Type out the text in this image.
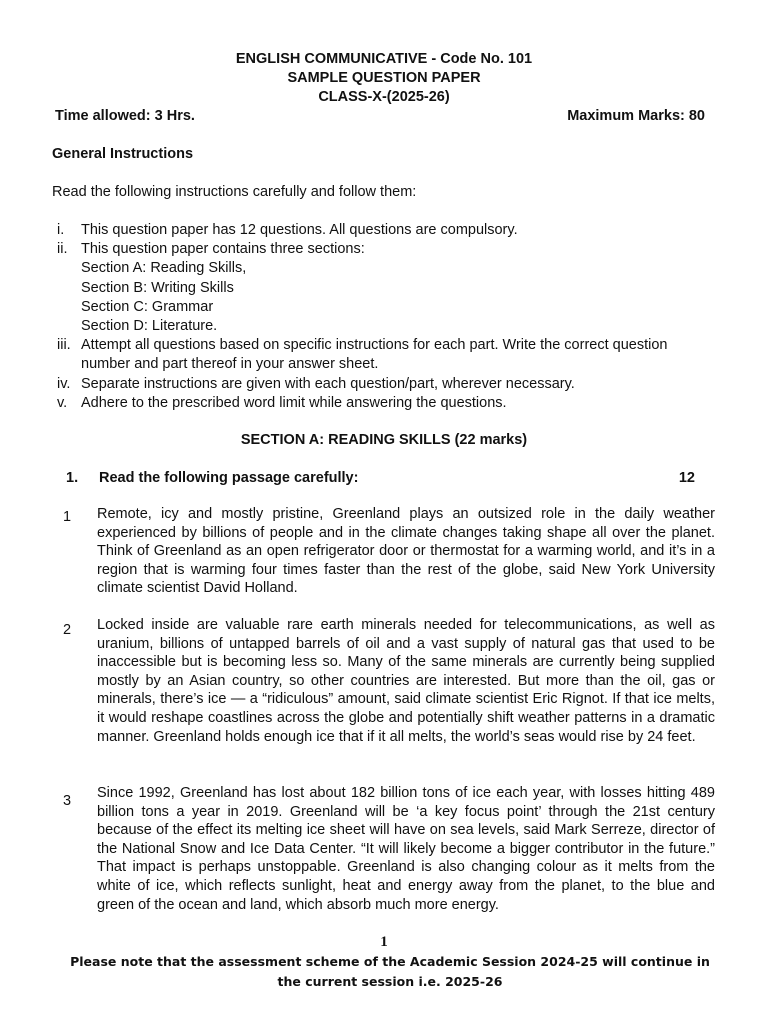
ENGLISH COMMUNICATIVE - Code No. 101
SAMPLE QUESTION PAPER
CLASS-X-(2025-26)
Time allowed: 3 Hrs.	Maximum Marks: 80
General Instructions
Read the following instructions carefully and follow them:
i.	This question paper has 12 questions. All questions are compulsory.
ii. This question paper contains three sections:
Section A: Reading Skills,
Section B: Writing Skills
Section C: Grammar
Section D: Literature.
iii. Attempt all questions based on specific instructions for each part. Write the correct question number and part thereof in your answer sheet.
iv. Separate instructions are given with each question/part, wherever necessary.
v. Adhere to the prescribed word limit while answering the questions.
SECTION A: READING SKILLS (22 marks)
1. Read the following passage carefully:	12
1 Remote, icy and mostly pristine, Greenland plays an outsized role in the daily weather experienced by billions of people and in the climate changes taking shape all over the planet. Think of Greenland as an open refrigerator door or thermostat for a warming world, and it’s in a region that is warming four times faster than the rest of the globe, said New York University climate scientist David Holland.
2 Locked inside are valuable rare earth minerals needed for telecommunications, as well as uranium, billions of untapped barrels of oil and a vast supply of natural gas that used to be inaccessible but is becoming less so. Many of the same minerals are currently being supplied mostly by an Asian country, so other countries are interested. But more than the oil, gas or minerals, there’s ice — a “ridiculous” amount, said climate scientist Eric Rignot. If that ice melts, it would reshape coastlines across the globe and potentially shift weather patterns in a dramatic manner. Greenland holds enough ice that if it all melts, the world’s seas would rise by 24 feet.
3 Since 1992, Greenland has lost about 182 billion tons of ice each year, with losses hitting 489 billion tons a year in 2019. Greenland will be ‘a key focus point’ through the 21st century because of the effect its melting ice sheet will have on sea levels, said Mark Serreze, director of the National Snow and Ice Data Center. “It will likely become a bigger contributor in the future.” That impact is perhaps unstoppable. Greenland is also changing colour as it melts from the white of ice, which reflects sunlight, heat and energy away from the planet, to the blue and green of the ocean and land, which absorb much more energy.
1
Please note that the assessment scheme of the Academic Session 2024-25 will continue in the current session i.e. 2025-26
